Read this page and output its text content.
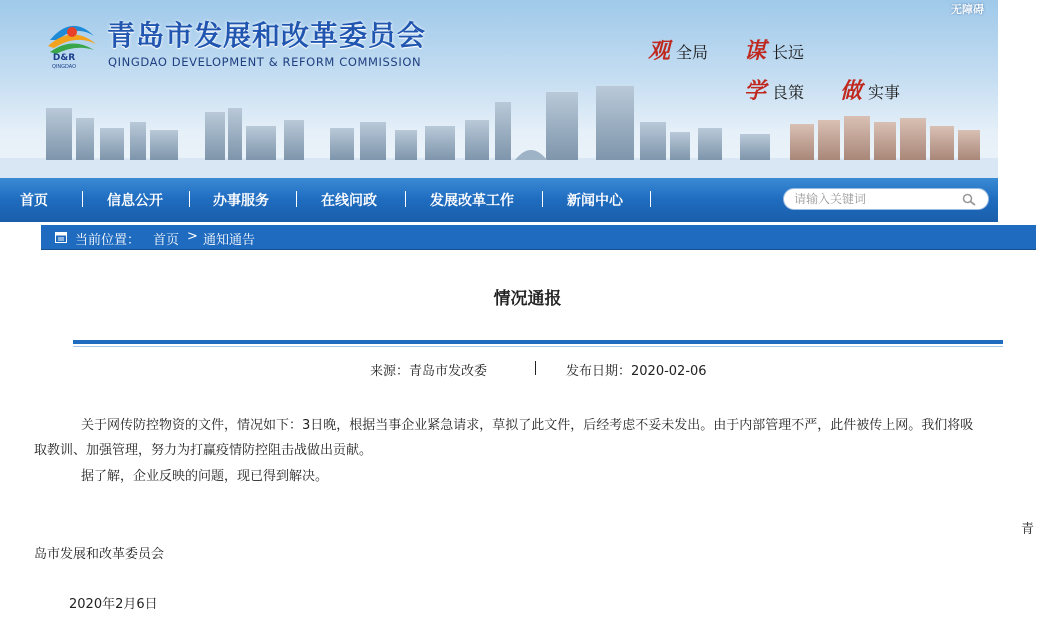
无障碍
D&R
QINGDAO
青岛市发展和改革委员会
QINGDAO DEVELOPMENT & REFORM COMMISSION	观 全局 谋 长远
学 良策 做 实事
首页	信息公开	办事服务	在线问政	发展改革工作	新闻中心
请输入关键词
当前位置： 首页 > 通知通告
情况通报
来源：青岛市发改委	发布日期：2020-02-06
关于网传防控物资的文件，情况如下：3日晚，根据当事企业紧急请求，草拟了此文件，后经考虑不妥未发出。由于内部管理不严，此件被传上网。我们将吸
取教训、加强管理，努力为打赢疫情防控阻击战做出贡献。
据了解，企业反映的问题，现已得到解决。
青
岛市发展和改革委员会
2020年2月6日
